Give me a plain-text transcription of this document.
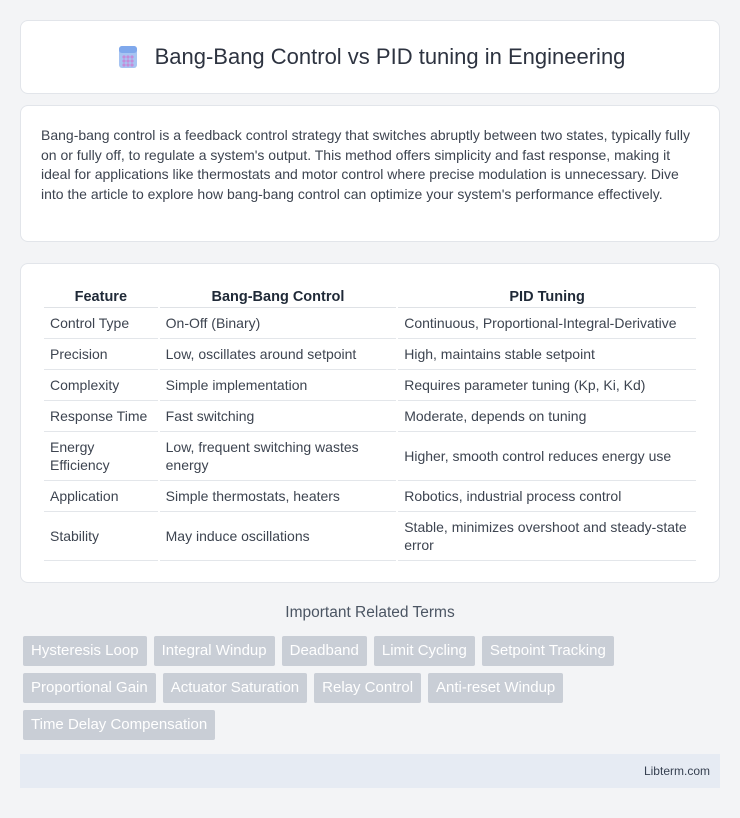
Bang-Bang Control vs PID tuning in Engineering

Bang-bang control is a feedback control strategy that switches abruptly between two states, typically fully on or fully off, to regulate a system's output. This method offers simplicity and fast response, making it ideal for applications like thermostats and motor control where precise modulation is unnecessary. Dive into the article to explore how bang-bang control can optimize your system's performance effectively.

Feature	Bang-Bang Control	PID Tuning
Control Type	On-Off (Binary)	Continuous, Proportional-Integral-Derivative
Precision	Low, oscillates around setpoint	High, maintains stable setpoint
Complexity	Simple implementation	Requires parameter tuning (Kp, Ki, Kd)
Response Time	Fast switching	Moderate, depends on tuning
Energy Efficiency	Low, frequent switching wastes energy	Higher, smooth control reduces energy use
Application	Simple thermostats, heaters	Robotics, industrial process control
Stability	May induce oscillations	Stable, minimizes overshoot and steady-state error
Important Related Terms
Hysteresis Loop	Integral Windup	Deadband	Limit Cycling	Setpoint Tracking
Proportional Gain	Actuator Saturation	Relay Control	Anti-reset Windup
Time Delay Compensation
Libterm.com
